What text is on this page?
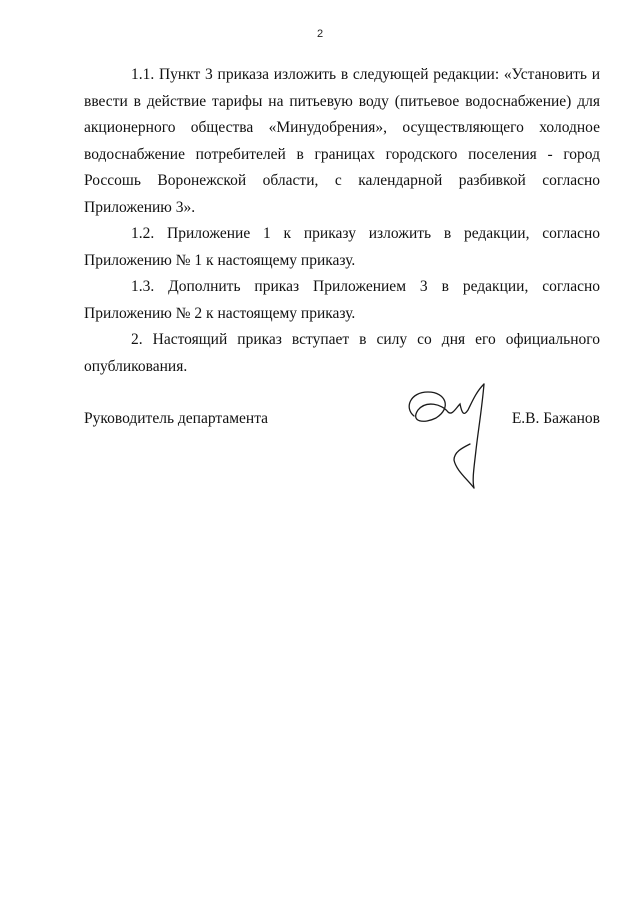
2

1.1. Пункт 3 приказа изложить в следующей редакции: «Установить и ввести в действие тарифы на питьевую воду (питьевое водоснабжение) для акционерного общества «Минудобрения», осуществляющего холодное водоснабжение потребителей в границах городского поселения - город Россошь Воронежской области, с календарной разбивкой согласно Приложению 3».

1.2. Приложение 1 к приказу изложить в редакции, согласно Приложению № 1 к настоящему приказу.

1.3. Дополнить приказ Приложением 3 в редакции, согласно Приложению № 2 к настоящему приказу.

2. Настоящий приказ вступает в силу со дня его официального опубликования.

Руководитель департамента	Е.В. Бажанов
